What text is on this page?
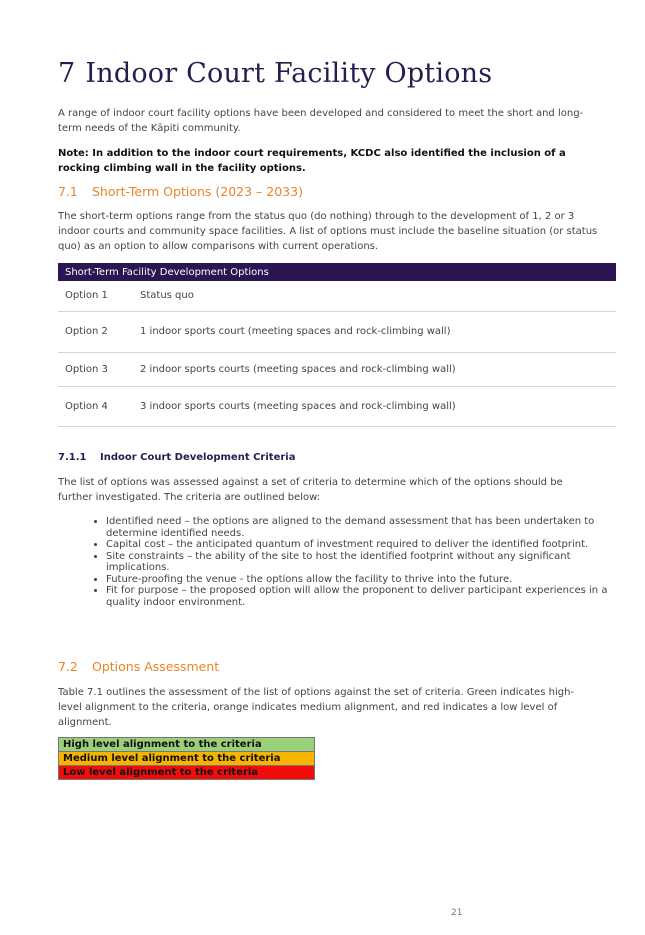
7 Indoor Court Facility Options

A range of indoor court facility options have been developed and considered to meet the short and long-term needs of the Kāpiti community.

Note: In addition to the indoor court requirements, KCDC also identified the inclusion of a rocking climbing wall in the facility options.

7.1 Short-Term Options (2023 – 2033)

The short-term options range from the status quo (do nothing) through to the development of 1, 2 or 3 indoor courts and community space facilities. A list of options must include the baseline situation (or status quo) as an option to allow comparisons with current operations.

Short-Term Facility Development Options	
Option 1	Status quo
Option 2	1 indoor sports court (meeting spaces and rock-climbing wall)
Option 3	2 indoor sports courts (meeting spaces and rock-climbing wall)
Option 4	3 indoor sports courts (meeting spaces and rock-climbing wall)
7.1.1 Indoor Court Development Criteria

The list of options was assessed against a set of criteria to determine which of the options should be further investigated. The criteria are outlined below:

• Identified need – the options are aligned to the demand assessment that has been undertaken to determine identified needs.
• Capital cost – the anticipated quantum of investment required to deliver the identified footprint.
• Site constraints – the ability of the site to host the identified footprint without any significant implications.
• Future-proofing the venue - the options allow the facility to thrive into the future.
• Fit for purpose – the proposed option will allow the proponent to deliver participant experiences in a quality indoor environment.
7.2 Options Assessment

Table 7.1 outlines the assessment of the list of options against the set of criteria. Green indicates high-level alignment to the criteria, orange indicates medium alignment, and red indicates a low level of alignment.

High level alignment to the criteria
Medium level alignment to the criteria
Low level alignment to the criteria
21
